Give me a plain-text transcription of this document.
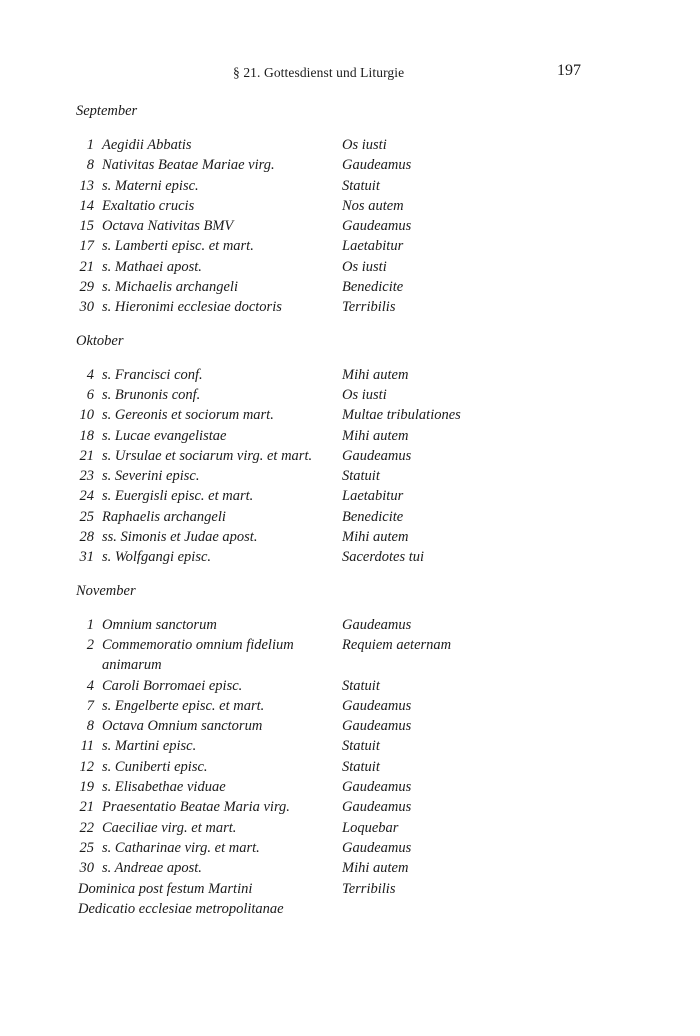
§ 21. Gottesdienst und Liturgie	197
September
1 Aegidii Abbatis	Os iusti
8 Nativitas Beatae Mariae virg.	Gaudeamus
13 s. Materni episc.	Statuit
14 Exaltatio crucis	Nos autem
15 Octava Nativitas BMV	Gaudeamus
17 s. Lamberti episc. et mart.	Laetabitur
21 s. Mathaei apost.	Os iusti
29 s. Michaelis archangeli	Benedicite
30 s. Hieronimi ecclesiae doctoris	Terribilis
Oktober
4 s. Francisci conf.	Mihi autem
6 s. Brunonis conf.	Os iusti
10 s. Gereonis et sociorum mart.	Multae tribulationes
18 s. Lucae evangelistae	Mihi autem
21 s. Ursulae et sociarum virg. et mart.	Gaudeamus
23 s. Severini episc.	Statuit
24 s. Euergisli episc. et mart.	Laetabitur
25 Raphaelis archangeli	Benedicite
28 ss. Simonis et Judae apost.	Mihi autem
31 s. Wolfgangi episc.	Sacerdotes tui
November
1 Omnium sanctorum	Gaudeamus
2 Commemoratio omnium fidelium	Requiem aeternam
animarum
4 Caroli Borromaei episc.	Statuit
7 s. Engelberte episc. et mart.	Gaudeamus
8 Octava Omnium sanctorum	Gaudeamus
11 s. Martini episc.	Statuit
12 s. Cuniberti episc.	Statuit
19 s. Elisabethae viduae	Gaudeamus
21 Praesentatio Beatae Maria virg.	Gaudeamus
22 Caeciliae virg. et mart.	Loquebar
25 s. Catharinae virg. et mart.	Gaudeamus
30 s. Andreae apost.	Mihi autem
Dominica post festum Martini	Terribilis
Dedicatio ecclesiae metropolitanae
